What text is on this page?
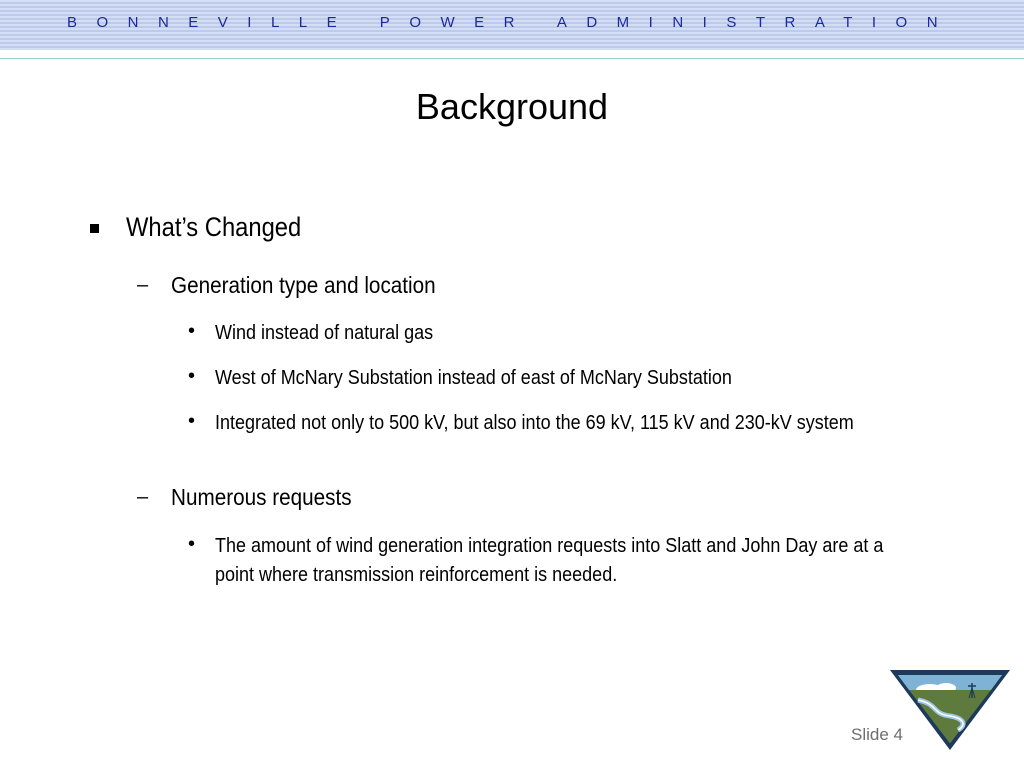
BONNEVILLE POWER ADMINISTRATION
Background
What’s Changed
– Generation type and location
• Wind instead of natural gas
• West of McNary Substation instead of east of McNary Substation
• Integrated not only to 500 kV, but also into the 69 kV, 115 kV and 230-kV system
– Numerous requests
• The amount of wind generation integration requests into Slatt and John Day are at a point where transmission reinforcement is needed.
Slide 4
